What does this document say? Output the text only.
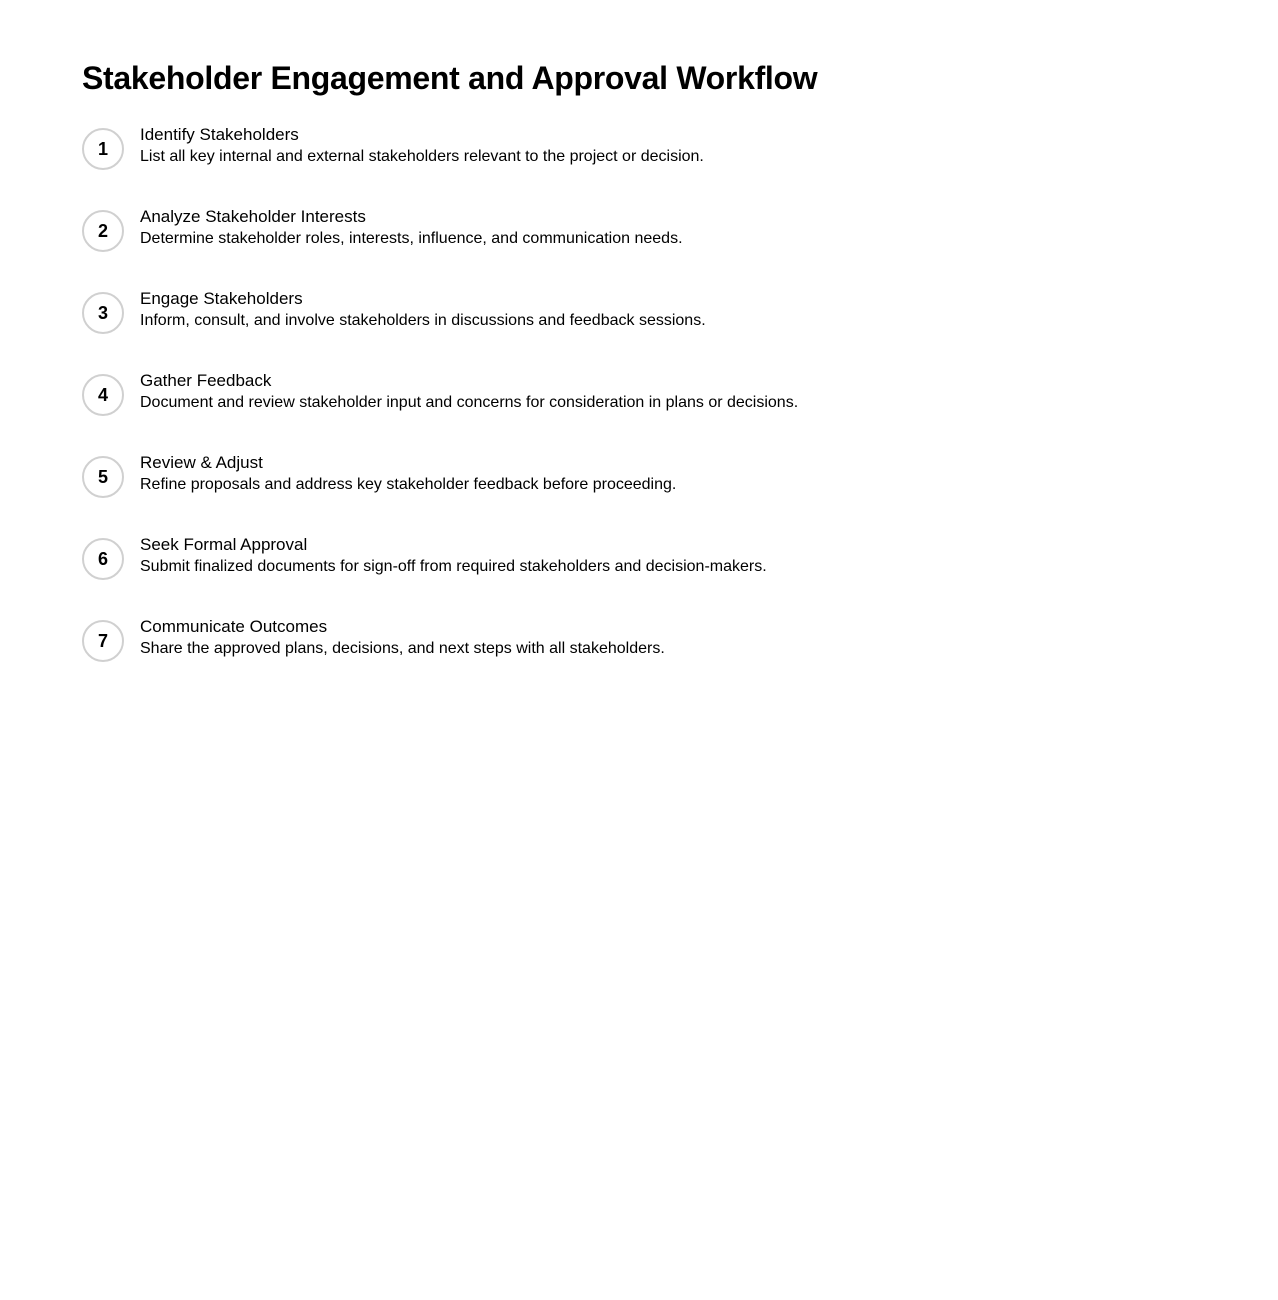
Stakeholder Engagement and Approval Workflow
1
Identify Stakeholders
List all key internal and external stakeholders relevant to the project or decision.
2
Analyze Stakeholder Interests
Determine stakeholder roles, interests, influence, and communication needs.
3
Engage Stakeholders
Inform, consult, and involve stakeholders in discussions and feedback sessions.
4
Gather Feedback
Document and review stakeholder input and concerns for consideration in plans or decisions.
5
Review & Adjust
Refine proposals and address key stakeholder feedback before proceeding.
6
Seek Formal Approval
Submit finalized documents for sign-off from required stakeholders and decision-makers.
7
Communicate Outcomes
Share the approved plans, decisions, and next steps with all stakeholders.
